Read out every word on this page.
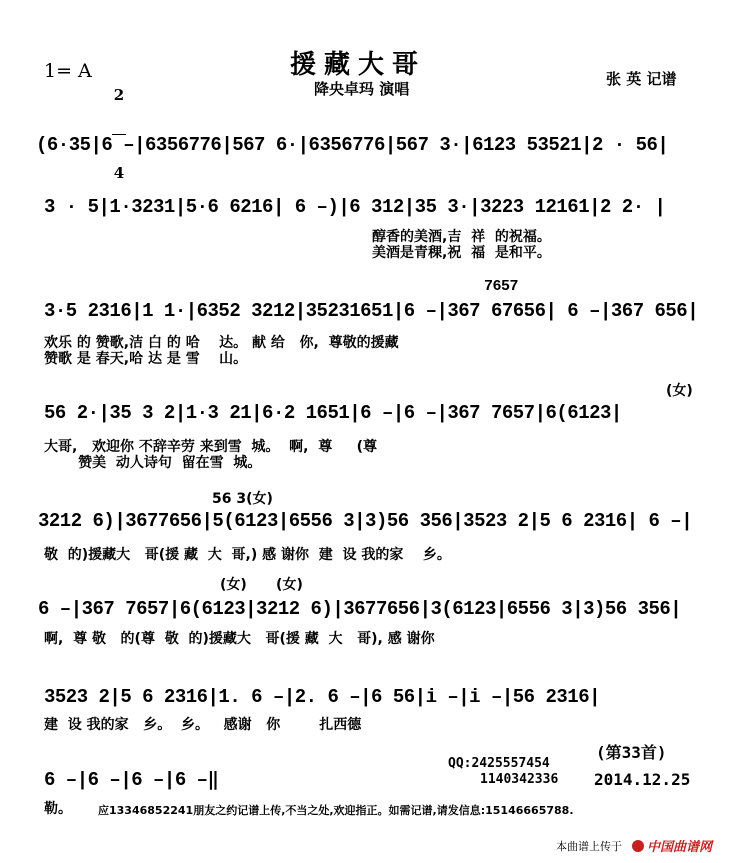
援藏大哥
降央卓玛 演唱
1= A

2

4

张 英 记谱
(6·35|6 –|6356776|567 6·|6356776|567 3·|6123 53521|2 · 56|
3 · 5|1·3231|5·6 6216| 6 –)|6 312|35 3·|3223 12161|2 2· |
醇香的美酒,吉  祥  的祝福。
美酒是青稞,祝  福  是和平。
7657
3·5 2316|1 1·|6352 3212|35231651|6 –|367 67656| 6 –|367 656|
欢乐 的 赞歌,洁 白 的 哈    达。 献 给   你,  尊敬的援藏
赞歌 是 春天,哈 达 是 雪    山。
(女)
56 2·|35 3 2|1·3 21|6·2 1651|6 –|6 –|367 7657|6(6123|
大哥,   欢迎你 不辞辛劳 来到雪  城。  啊,  尊     (尊
赞美  动人诗句  留在雪  城。
56 3(女)
3212 6)|3677656|5(6123|6556 3|3)56 356|3523 2|5 6 2316| 6 –|
敬  的)援藏大   哥(援 藏  大  哥,) 感 谢你  建  设 我的家    乡。
(女)      (女)
6 –|367 7657|6(6123|3212 6)|3677656|3(6123|6556 3|3)56 356|
啊,  尊 敬   的(尊  敬  的)援藏大   哥(援 藏  大   哥), 感 谢你
3523 2|5 6 2316|1. 6 –|2. 6 –|6 56|i –|i –|56 2316|
建  设 我的家   乡。  乡。   感谢   你        扎西德
6 –|6 –|6 –|6 –‖
勒。
QQ:2425557454
1140342336
(第33首)
2014.12.25
应13346852241朋友之约记谱上传,不当之处,欢迎指正。如需记谱,请发信息:15146665788.
本曲谱上传于 中国曲谱网
